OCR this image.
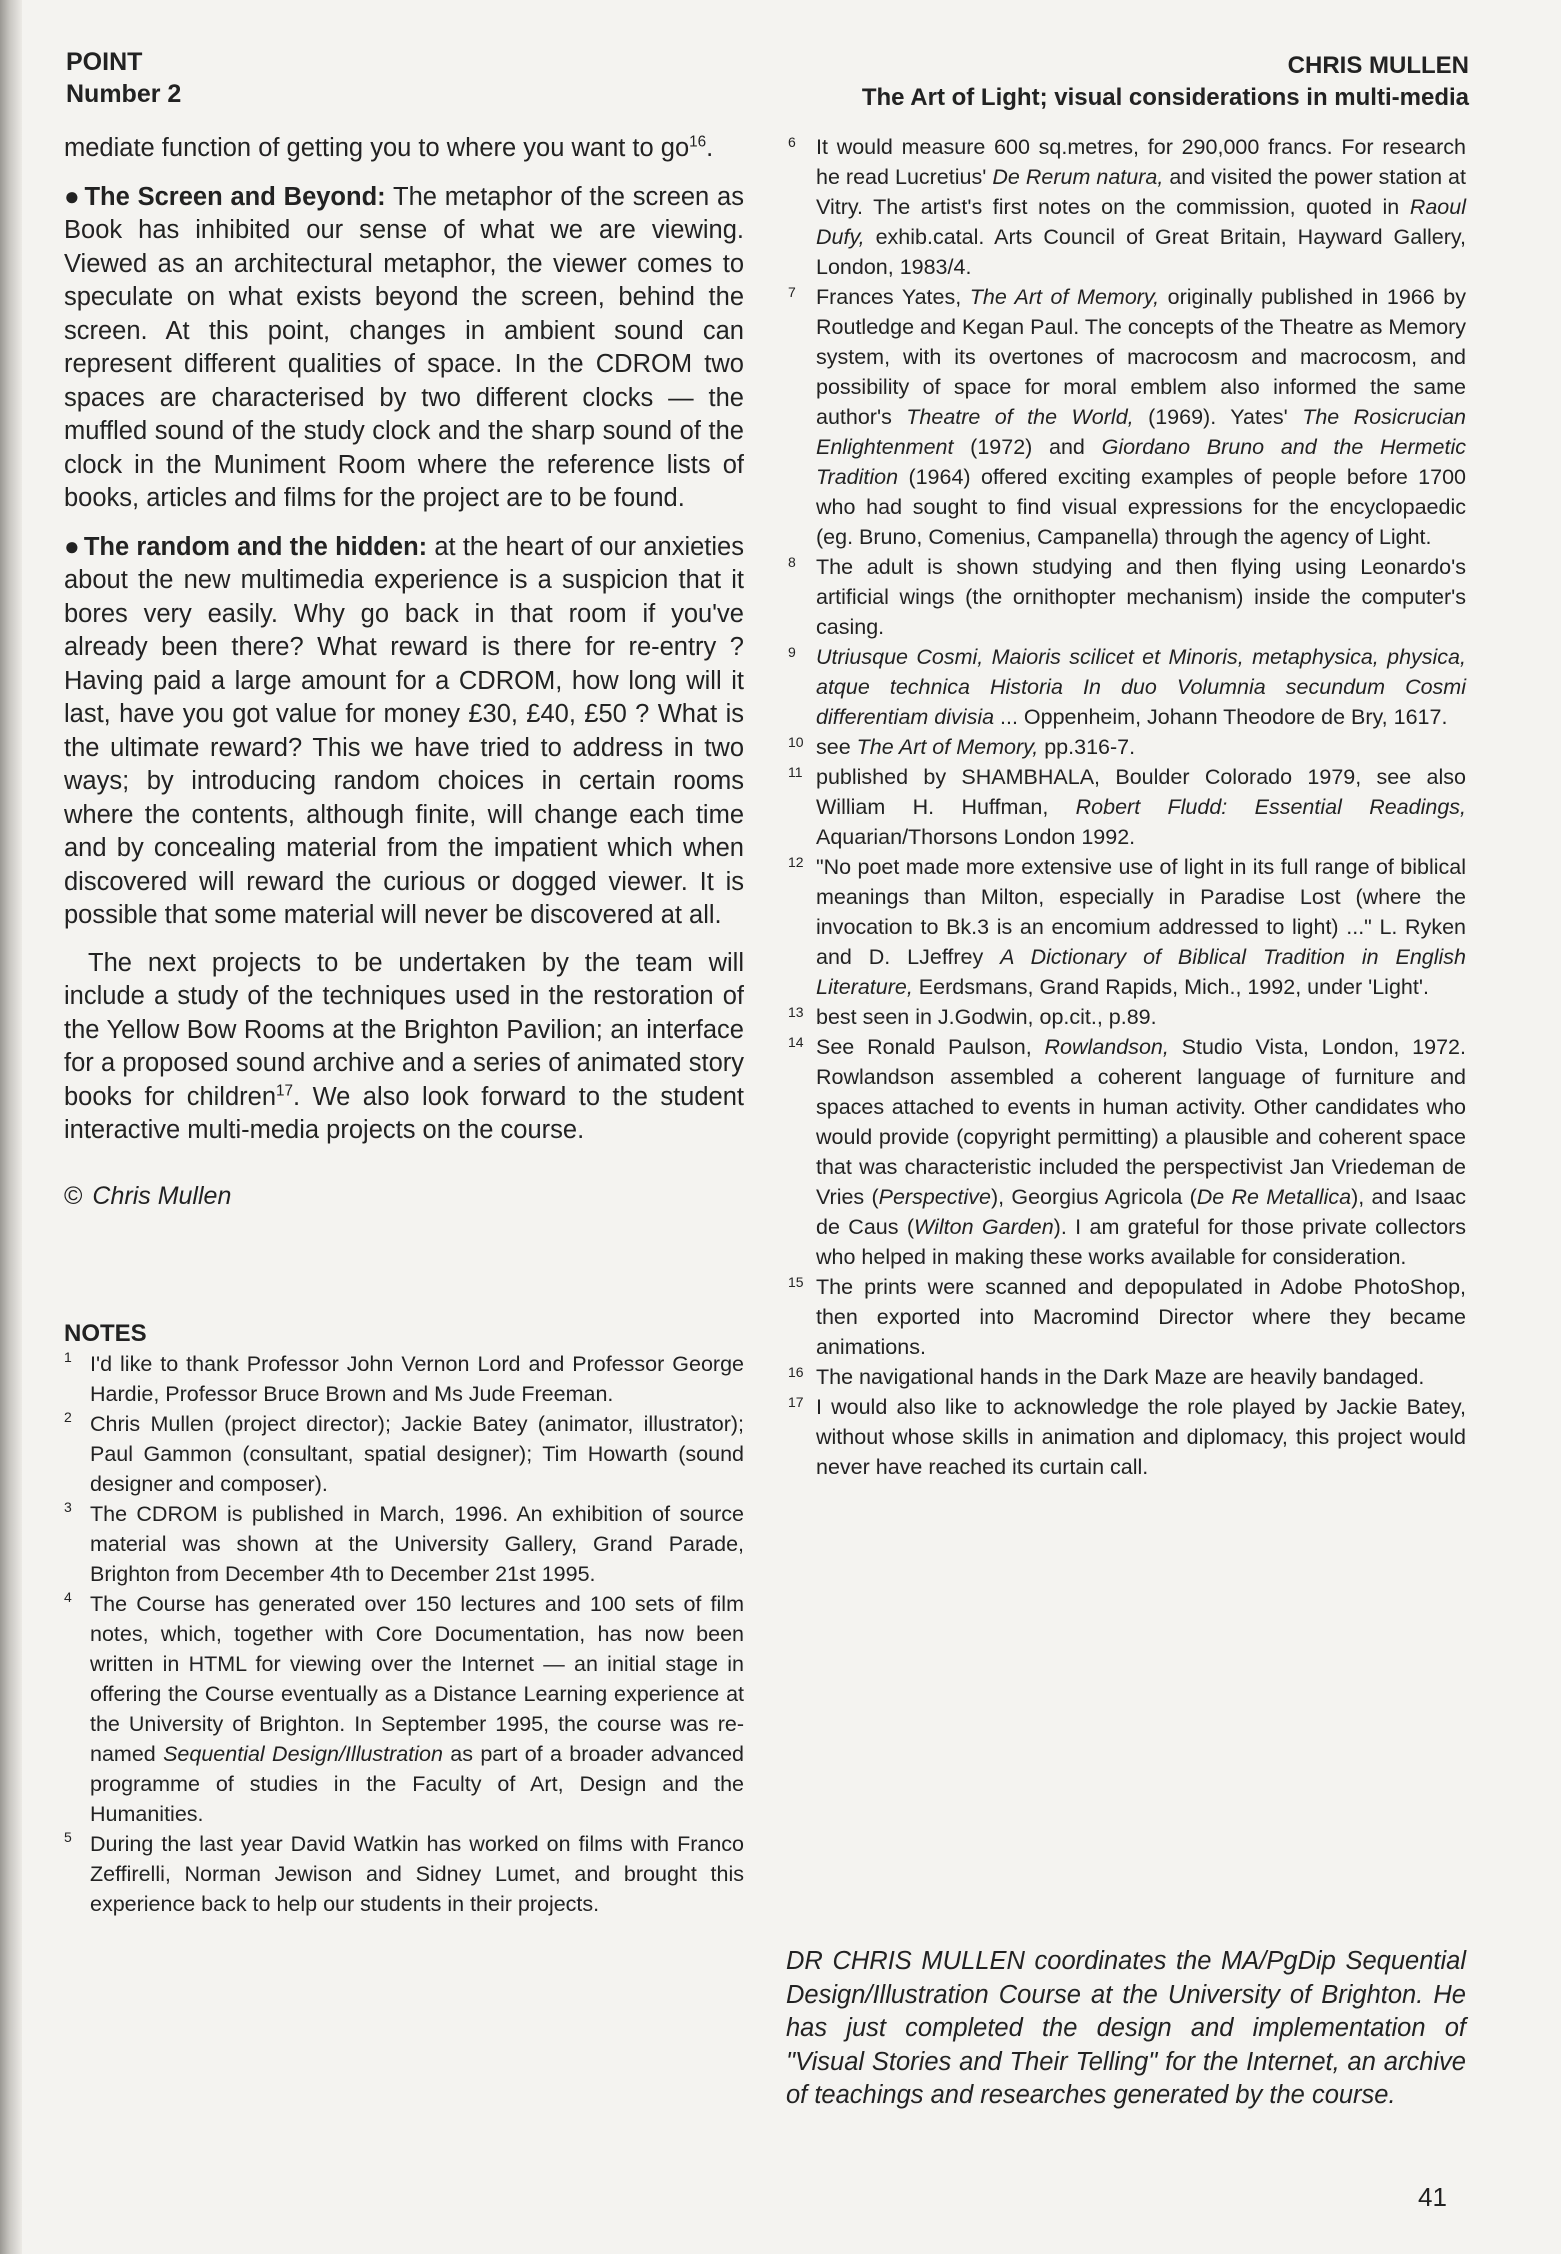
POINT
Number 2
CHRIS MULLEN
The Art of Light; visual considerations in multi-media

mediate function of getting you to where you want to $go^{16}$.

● The Screen and Beyond: The metaphor of the screen as Book has inhibited our sense of what we are viewing. Viewed as an architectural metaphor, the viewer comes to speculate on what exists beyond the screen, behind the screen. At this point, changes in ambient sound can represent different qualities of space. In the CDROM two spaces are characterised by two different clocks — the muffled sound of the study clock and the sharp sound of the clock in the Muniment Room where the reference lists of books, articles and films for the project are to be found.

● The random and the hidden: at the heart of our anxieties about the new multimedia experience is a suspicion that it bores very easily. Why go back in that room if you've already been there? What reward is there for re-entry ? Having paid a large amount for a CDROM, how long will it last, have you got value for money £30, £40, £50 ? What is the ultimate reward? This we have tried to address in two ways; by introducing random choices in certain rooms where the contents, although finite, will change each time and by concealing material from the impatient which when discovered will reward the curious or dogged viewer. It is possible that some material will never be discovered at all.

The next projects to be undertaken by the team will include a study of the techniques used in the restoration of the Yellow Bow Rooms at the Brighton Pavilion; an interface for a proposed sound archive and a series of animated story books for children$^{17}$. We also look forward to the student interactive multi-media projects on the course.

© Chris Mullen
NOTES
1 I'd like to thank Professor John Vernon Lord and Professor George Hardie, Professor Bruce Brown and Ms Jude Freeman.
2 Chris Mullen (project director); Jackie Batey (animator, illustrator); Paul Gammon (consultant, spatial designer); Tim Howarth (sound designer and composer).
3 The CDROM is published in March, 1996. An exhibition of source material was shown at the University Gallery, Grand Parade, Brighton from December 4th to December 21st 1995.
4 The Course has generated over 150 lectures and 100 sets of film notes, which, together with Core Documentation, has now been written in HTML for viewing over the Internet — an initial stage in offering the Course eventually as a Distance Learning experience at the University of Brighton. In September 1995, the course was re-named Sequential Design/Illustration as part of a broader advanced programme of studies in the Faculty of Art, Design and the Humanities.
5 During the last year David Watkin has worked on films with Franco Zeffirelli, Norman Jewison and Sidney Lumet, and brought this experience back to help our students in their projects.
6 It would measure 600 sq.metres, for 290,000 francs. For research he read Lucretius' De Rerum natura, and visited the power station at Vitry. The artist's first notes on the commission, quoted in Raoul Dufy, exhib.catal. Arts Council of Great Britain, Hayward Gallery, London, 1983/4.
7 Frances Yates, The Art of Memory, originally published in 1966 by Routledge and Kegan Paul. The concepts of the Theatre as Memory system, with its overtones of macrocosm and macrocosm, and possibility of space for moral emblem also informed the same author's Theatre of the World, (1969). Yates' The Rosicrucian Enlightenment (1972) and Giordano Bruno and the Hermetic Tradition (1964) offered exciting examples of people before 1700 who had sought to find visual expressions for the encyclopaedic (eg. Bruno, Comenius, Campanella) through the agency of Light.
8 The adult is shown studying and then flying using Leonardo's artificial wings (the ornithopter mechanism) inside the computer's casing.
9 Utriusque Cosmi, Maioris scilicet et Minoris, metaphysica, physica, atque technica Historia In duo Volumnia secundum Cosmi differentiam divisia ... Oppenheim, Johann Theodore de Bry, 1617.
10 see The Art of Memory, pp.316-7.
11 published by SHAMBHALA, Boulder Colorado 1979, see also William H. Huffman, Robert Fludd: Essential Readings, Aquarian/Thorsons London 1992.
12 "No poet made more extensive use of light in its full range of biblical meanings than Milton, especially in Paradise Lost (where the invocation to Bk.3 is an encomium addressed to light) ..." L. Ryken and D. LJeffrey A Dictionary of Biblical Tradition in English Literature, Eerdsmans, Grand Rapids, Mich., 1992, under 'Light'.
13 best seen in J.Godwin, op.cit., p.89.
14 See Ronald Paulson, Rowlandson, Studio Vista, London, 1972. Rowlandson assembled a coherent language of furniture and spaces attached to events in human activity. Other candidates who would provide (copyright permitting) a plausible and coherent space that was characteristic included the perspectivist Jan Vriedeman de Vries (Perspective), Georgius Agricola (De Re Metallica), and Isaac de Caus (Wilton Garden). I am grateful for those private collectors who helped in making these works available for consideration.
15 The prints were scanned and depopulated in Adobe PhotoShop, then exported into Macromind Director where they became animations.
16 The navigational hands in the Dark Maze are heavily bandaged.
17 I would also like to acknowledge the role played by Jackie Batey, without whose skills in animation and diplomacy, this project would never have reached its curtain call.
DR CHRIS MULLEN coordinates the MA/PgDip Sequential Design/Illustration Course at the University of Brighton. He has just completed the design and implementation of "Visual Stories and Their Telling" for the Internet, an archive of teachings and researches generated by the course.
41
